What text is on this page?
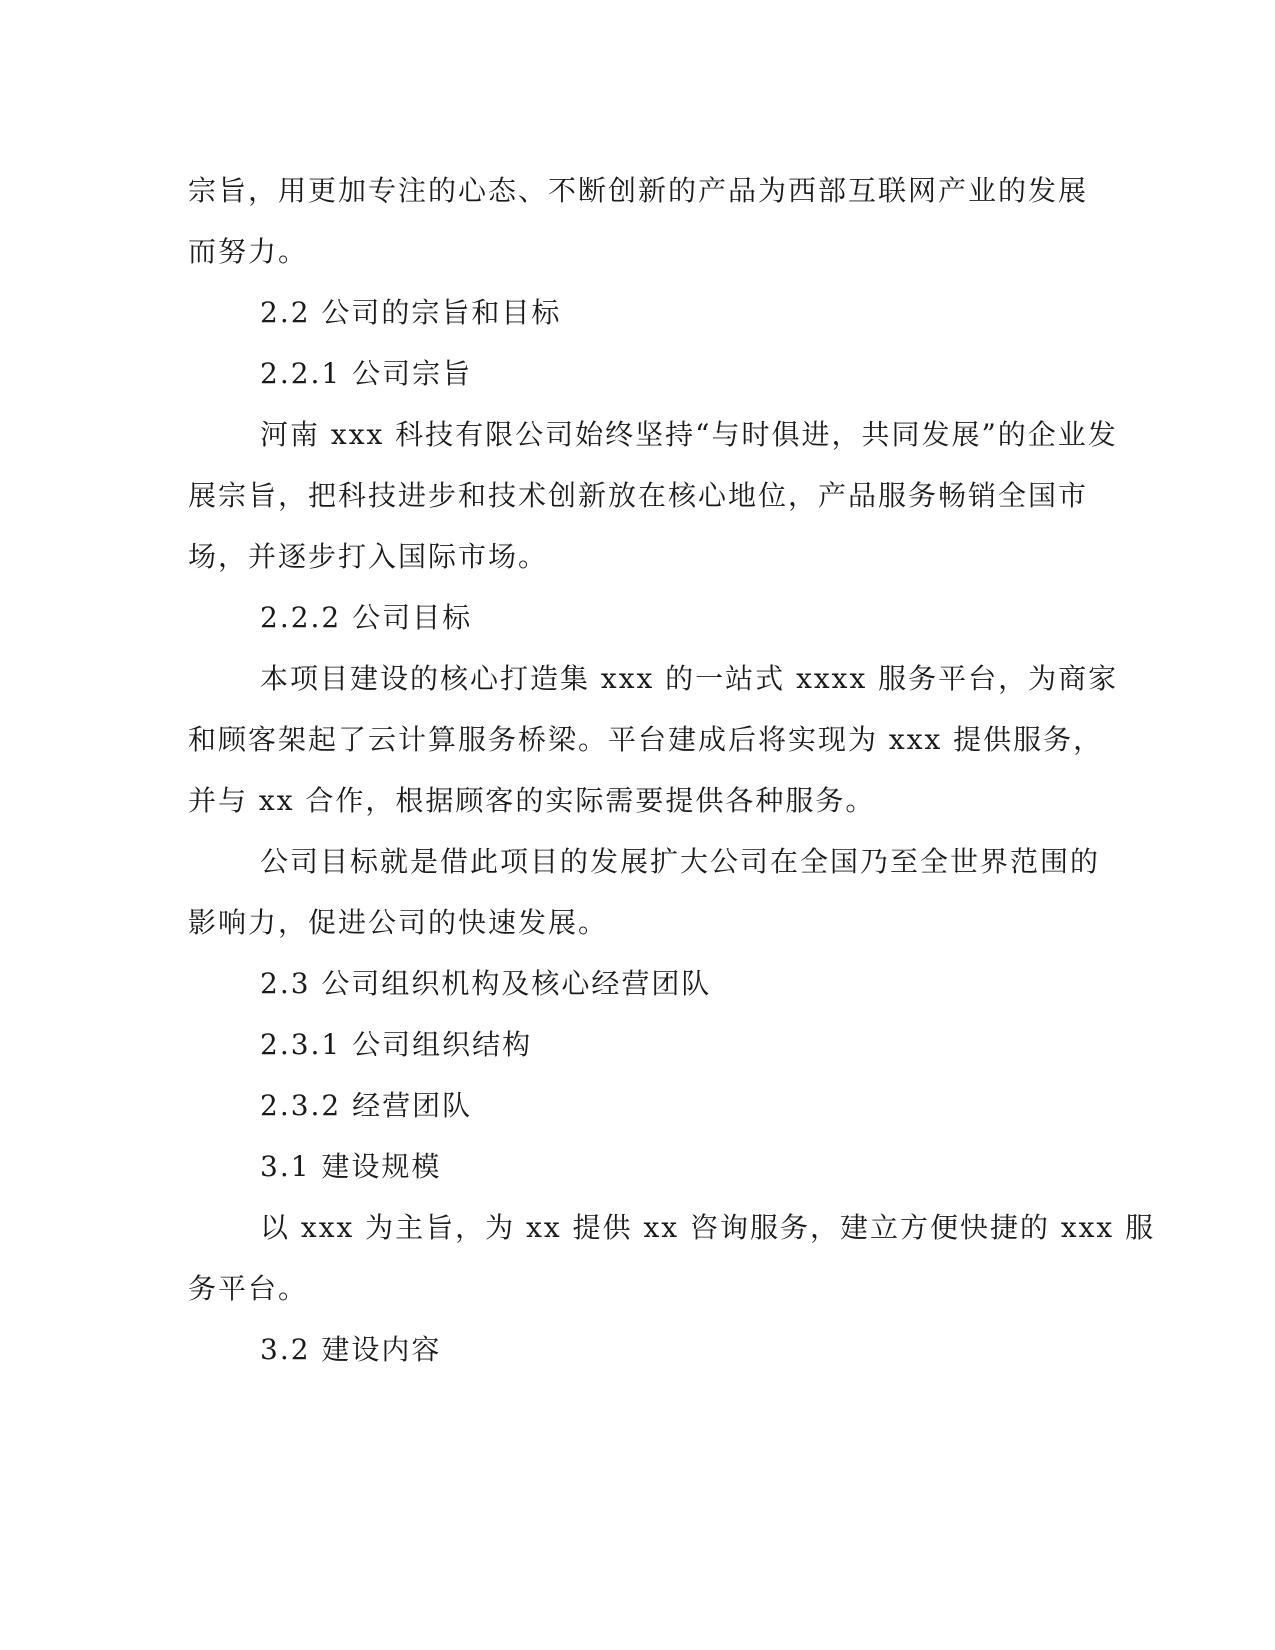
宗旨，用更加专注的心态、不断创新的产品为西部互联网产业的发展
而努力。
2.2 公司的宗旨和目标
2.2.1 公司宗旨
河南 xxx 科技有限公司始终坚持“与时俱进，共同发展”的企业发
展宗旨，把科技进步和技术创新放在核心地位，产品服务畅销全国市
场，并逐步打入国际市场。
2.2.2 公司目标
本项目建设的核心打造集 xxx 的一站式 xxxx 服务平台，为商家
和顾客架起了云计算服务桥梁。平台建成后将实现为 xxx 提供服务，
并与 xx 合作，根据顾客的实际需要提供各种服务。
公司目标就是借此项目的发展扩大公司在全国乃至全世界范围的
影响力，促进公司的快速发展。
2.3 公司组织机构及核心经营团队
2.3.1 公司组织结构
2.3.2 经营团队
3.1 建设规模
以 xxx 为主旨，为 xx 提供 xx 咨询服务，建立方便快捷的 xxx 服
务平台。
3.2 建设内容
